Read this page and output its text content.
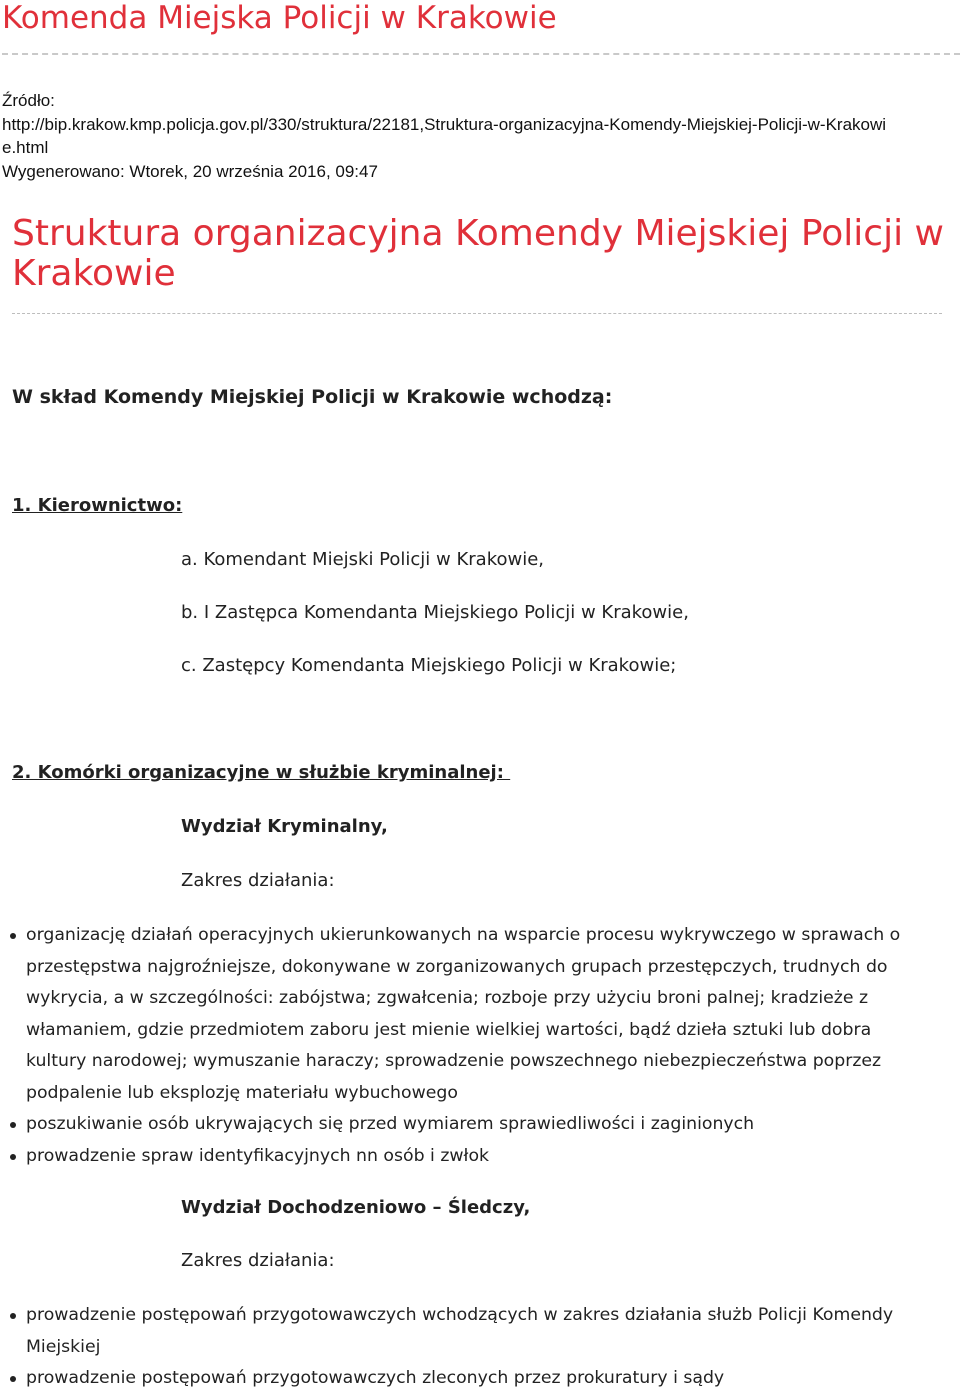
Komenda Miejska Policji w Krakowie
Źródło:
http://bip.krakow.kmp.policja.gov.pl/330/struktura/22181,Struktura-organizacyjna-Komendy-Miejskiej-Policji-w-Krakowi
e.html
Wygenerowano: Wtorek, 20 września 2016, 09:47
Struktura organizacyjna Komendy Miejskiej Policji w Krakowie
W skład Komendy Miejskiej Policji w Krakowie wchodzą:
1. Kierownictwo:
a. Komendant Miejski Policji w Krakowie,
b. I Zastępca Komendanta Miejskiego Policji w Krakowie,
c. Zastępcy Komendanta Miejskiego Policji w Krakowie;
2. Komórki organizacyjne w służbie kryminalnej:
Wydział Kryminalny,
Zakres działania:
organizację działań operacyjnych ukierunkowanych na wsparcie procesu wykrywczego w sprawach o przestępstwa najgroźniejsze, dokonywane w zorganizowanych grupach przestępczych, trudnych do wykrycia, a w szczególności: zabójstwa; zgwałcenia; rozboje przy użyciu broni palnej; kradzieże z włamaniem, gdzie przedmiotem zaboru jest mienie wielkiej wartości, bądź dzieła sztuki lub dobra kultury narodowej; wymuszanie haraczy; sprowadzenie powszechnego niebezpieczeństwa poprzez podpalenie lub eksplozję materiału wybuchowego
poszukiwanie osób ukrywających się przed wymiarem sprawiedliwości i zaginionych
prowadzenie spraw identyfikacyjnych nn osób i zwłok
Wydział Dochodzeniowo – Śledczy,
Zakres działania:
prowadzenie postępowań przygotowawczych wchodzących w zakres działania służb Policji Komendy Miejskiej
prowadzenie postępowań przygotowawczych zleconych przez prokuratury i sądy
